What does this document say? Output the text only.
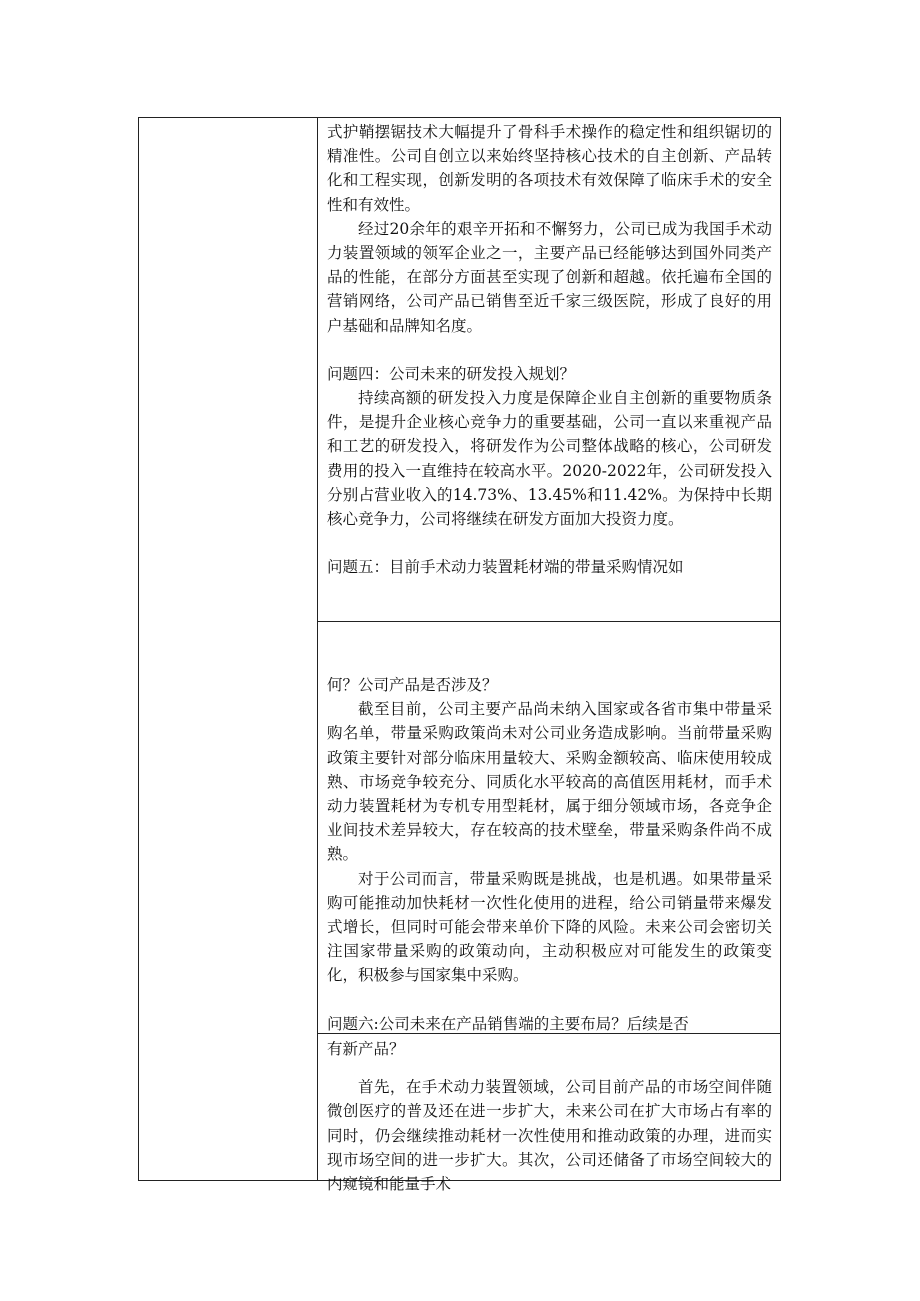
式护鞘摆锯技术大幅提升了骨科手术操作的稳定性和组织锯切的精准性。公司自创立以来始终坚持核心技术的自主创新、产品转化和工程实现，创新发明的各项技术有效保障了临床手术的安全性和有效性。

经过20余年的艰辛开拓和不懈努力，公司已成为我国手术动力装置领域的领军企业之一，主要产品已经能够达到国外同类产品的性能，在部分方面甚至实现了创新和超越。依托遍布全国的营销网络，公司产品已销售至近千家三级医院，形成了良好的用户基础和品牌知名度。

问题四：公司未来的研发投入规划？

持续高额的研发投入力度是保障企业自主创新的重要物质条件，是提升企业核心竞争力的重要基础，公司一直以来重视产品和工艺的研发投入，将研发作为公司整体战略的核心，公司研发费用的投入一直维持在较高水平。2020-2022年，公司研发投入分别占营业收入的14.73%、13.45%和11.42%。为保持中长期核心竞争力，公司将继续在研发方面加大投资力度。

问题五：目前手术动力装置耗材端的带量采购情况如

何？公司产品是否涉及？

截至目前，公司主要产品尚未纳入国家或各省市集中带量采购名单，带量采购政策尚未对公司业务造成影响。当前带量采购政策主要针对部分临床用量较大、采购金额较高、临床使用较成熟、市场竞争较充分、同质化水平较高的高值医用耗材，而手术动力装置耗材为专机专用型耗材，属于细分领域市场，各竞争企业间技术差异较大，存在较高的技术壁垒，带量采购条件尚不成熟。

对于公司而言，带量采购既是挑战，也是机遇。如果带量采购可能推动加快耗材一次性化使用的进程，给公司销量带来爆发式增长，但同时可能会带来单价下降的风险。未来公司会密切关注国家带量采购的政策动向，主动积极应对可能发生的政策变化，积极参与国家集中采购。

问题六:公司未来在产品销售端的主要布局？后续是否

有新产品？

首先，在手术动力装置领域，公司目前产品的市场空间伴随微创医疗的普及还在进一步扩大，未来公司在扩大市场占有率的同时，仍会继续推动耗材一次性使用和推动政策的办理，进而实现市场空间的进一步扩大。其次，公司还储备了市场空间较大的内窥镜和能量手术
